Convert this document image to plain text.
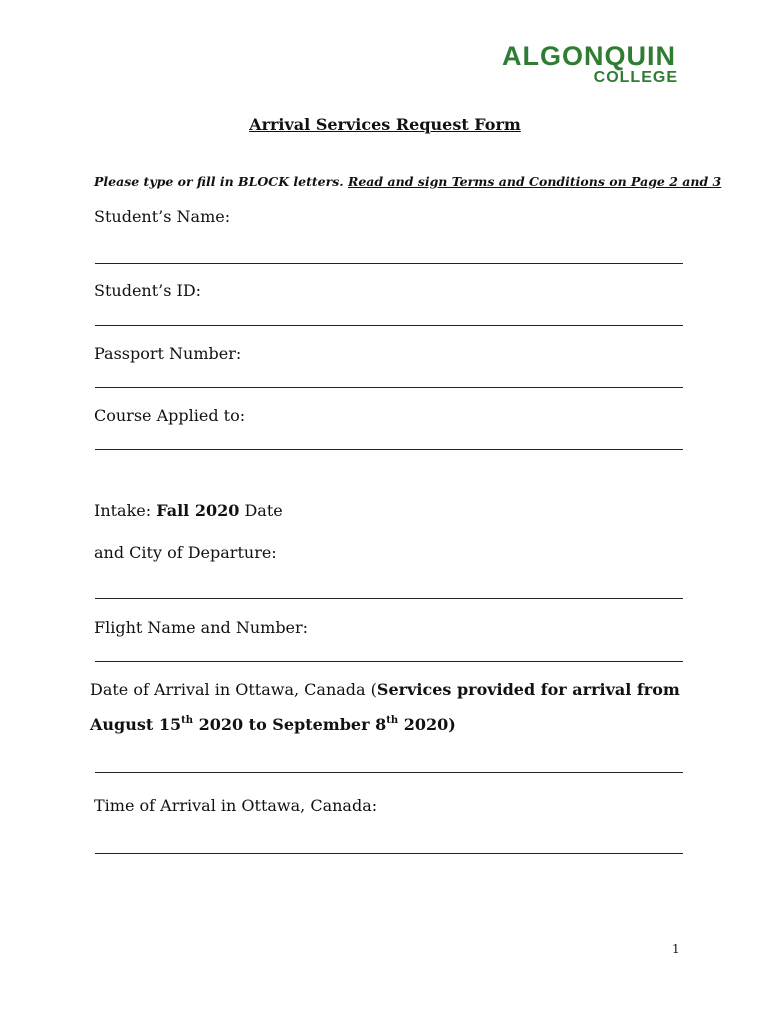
ALGONQUIN
COLLEGE
Arrival Services Request Form
Please type or fill in BLOCK letters. Read and sign Terms and Conditions on Page 2 and 3
Student’s Name:
Student’s ID:
Passport Number:
Course Applied to:
Intake: Fall 2020 Date
and City of Departure:
Flight Name and Number:
Date of Arrival in Ottawa, Canada (Services provided for arrival from
August 15th 2020 to September 8th 2020)
Time of Arrival in Ottawa, Canada:
1
